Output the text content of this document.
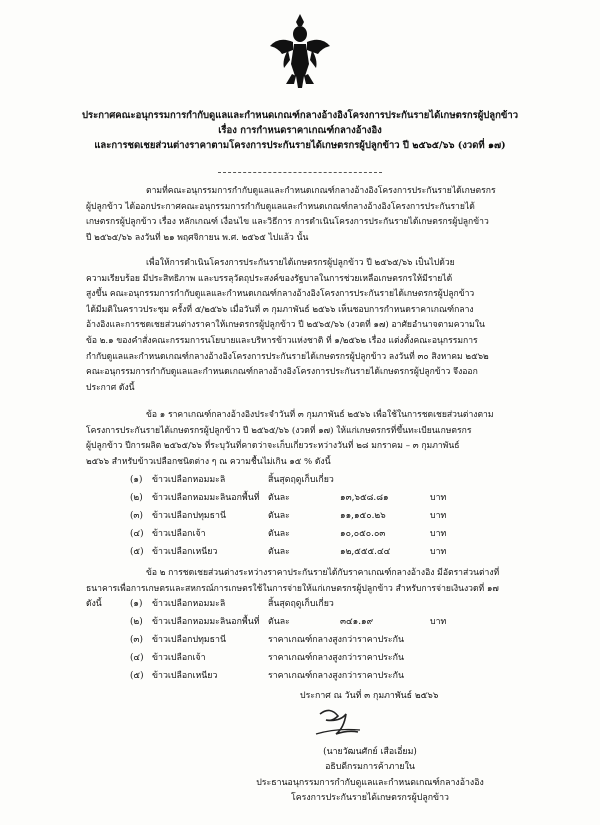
ประกาศคณะอนุกรรมการกำกับดูแลและกำหนดเกณฑ์กลางอ้างอิงโครงการประกันรายได้เกษตรกรผู้ปลูกข้าว
เรื่อง การกำหนดราคาเกณฑ์กลางอ้างอิง
และการชดเชยส่วนต่างราคาตามโครงการประกันรายได้เกษตรกรผู้ปลูกข้าว ปี ๒๕๖๕/๖๖ (งวดที่ ๑๗)
ตามที่คณะอนุกรรมการกำกับดูแลและกำหนดเกณฑ์กลางอ้างอิงโครงการประกันรายได้เกษตรกร
ผู้ปลูกข้าว ได้ออกประกาศคณะอนุกรรมการกำกับดูแลและกำหนดเกณฑ์กลางอ้างอิงโครงการประกันรายได้
เกษตรกรผู้ปลูกข้าว เรื่อง หลักเกณฑ์ เงื่อนไข และวิธีการ การดำเนินโครงการประกันรายได้เกษตรกรผู้ปลูกข้าว
ปี ๒๕๖๕/๖๖ ลงวันที่ ๒๑ พฤศจิกายน พ.ศ. ๒๕๖๕ ไปแล้ว นั้น
เพื่อให้การดำเนินโครงการประกันรายได้เกษตรกรผู้ปลูกข้าว ปี ๒๕๖๕/๖๖ เป็นไปด้วย
ความเรียบร้อย มีประสิทธิภาพ และบรรลุวัตถุประสงค์ของรัฐบาลในการช่วยเหลือเกษตรกรให้มีรายได้
สูงขึ้น คณะอนุกรรมการกำกับดูแลและกำหนดเกณฑ์กลางอ้างอิงโครงการประกันรายได้เกษตรกรผู้ปลูกข้าว
ได้มีมติในคราวประชุม ครั้งที่ ๕/๒๕๖๖ เมื่อวันที่ ๓ กุมภาพันธ์ ๒๕๖๖ เห็นชอบการกำหนดราคาเกณฑ์กลาง
อ้างอิงและการชดเชยส่วนต่างราคาให้เกษตรกรผู้ปลูกข้าว ปี ๒๕๖๕/๖๖ (งวดที่ ๑๗) อาศัยอำนาจตามความใน
ข้อ ๒.๑ ของคำสั่งคณะกรรมการนโยบายและบริหารข้าวแห่งชาติ ที่ ๑/๒๕๖๒ เรื่อง แต่งตั้งคณะอนุกรรมการ
กำกับดูแลและกำหนดเกณฑ์กลางอ้างอิงโครงการประกันรายได้เกษตรกรผู้ปลูกข้าว ลงวันที่ ๓๐ สิงหาคม ๒๕๖๒
คณะอนุกรรมการกำกับดูแลและกำหนดเกณฑ์กลางอ้างอิงโครงการประกันรายได้เกษตรกรผู้ปลูกข้าว จึงออก
ประกาศ ดังนี้
ข้อ ๑ ราคาเกณฑ์กลางอ้างอิงประจำวันที่ ๓ กุมภาพันธ์ ๒๕๖๖ เพื่อใช้ในการชดเชยส่วนต่างตาม
โครงการประกันรายได้เกษตรกรผู้ปลูกข้าว ปี ๒๕๖๕/๖๖ (งวดที่ ๑๗) ให้แก่เกษตรกรที่ขึ้นทะเบียนเกษตรกร
ผู้ปลูกข้าว ปีการผลิต ๒๕๖๕/๖๖ ที่ระบุวันที่คาดว่าจะเก็บเกี่ยวระหว่างวันที่ ๒๘ มกราคม – ๓ กุมภาพันธ์
๒๕๖๖ สำหรับข้าวเปลือกชนิดต่าง ๆ ณ ความชื้นไม่เกิน ๑๕ % ดังนี้
(๑) ข้าวเปลือกหอมมะลิ	สิ้นสุดฤดูเก็บเกี่ยว
(๒) ข้าวเปลือกหอมมะลินอกพื้นที่ ตันละ	๑๓,๖๕๘.๘๑	บาท
(๓) ข้าวเปลือกปทุมธานี	ตันละ	๑๑,๑๕๐.๒๖	บาท
(๔) ข้าวเปลือกเจ้า	ตันละ	๑๐,๐๕๐.๐๓	บาท
(๕) ข้าวเปลือกเหนียว	ตันละ	๑๒,๕๕๕.๔๔	บาท
ข้อ ๒ การชดเชยส่วนต่างระหว่างราคาประกันรายได้กับราคาเกณฑ์กลางอ้างอิง มีอัตราส่วนต่างที่
ธนาคารเพื่อการเกษตรและสหกรณ์การเกษตรใช้ในการจ่ายให้แก่เกษตรกรผู้ปลูกข้าว สำหรับการจ่ายเงินงวดที่ ๑๗
ดังนี้	(๑) ข้าวเปลือกหอมมะลิ	สิ้นสุดฤดูเก็บเกี่ยว
(๒) ข้าวเปลือกหอมมะลินอกพื้นที่ ตันละ	๓๔๑.๑๙	บาท
(๓) ข้าวเปลือกปทุมธานี	ราคาเกณฑ์กลางสูงกว่าราคาประกัน
(๔) ข้าวเปลือกเจ้า	ราคาเกณฑ์กลางสูงกว่าราคาประกัน
(๕) ข้าวเปลือกเหนียว	ราคาเกณฑ์กลางสูงกว่าราคาประกัน
ประกาศ ณ วันที่ ๓ กุมภาพันธ์ ๒๕๖๖
(นายวัฒนศักย์ เสือเอี่ยม)
อธิบดีกรมการค้าภายใน
ประธานอนุกรรมการกำกับดูแลและกำหนดเกณฑ์กลางอ้างอิง
โครงการประกันรายได้เกษตรกรผู้ปลูกข้าว
